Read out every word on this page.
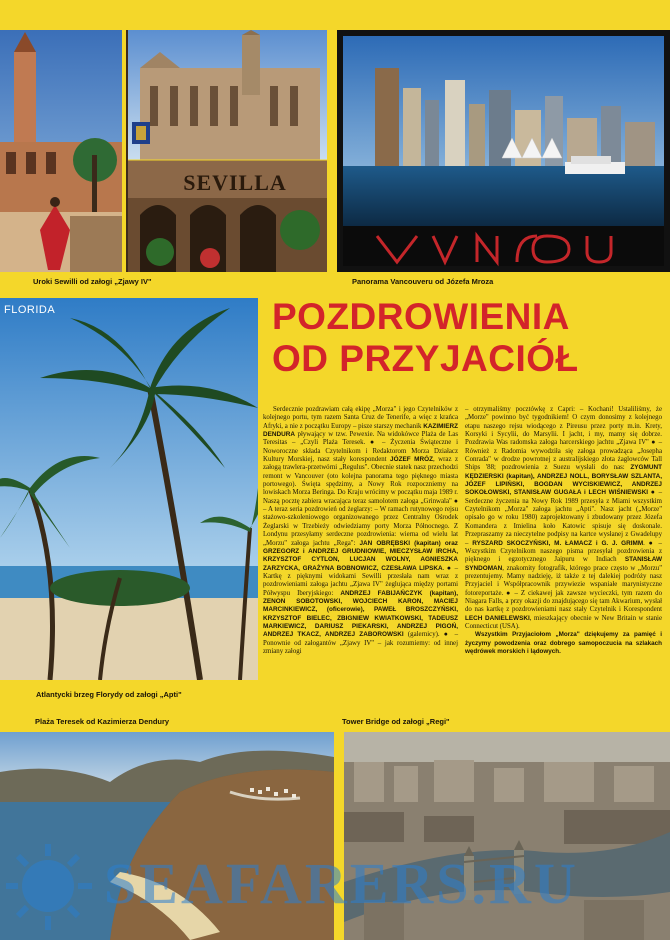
SEVILLA
Uroki Sewilli od załogi „Zjawy IV"	Panorama Vancouveru od Józefa Mroza
FLORIDA
Atlantycki brzeg Florydy od załogi „Apti"
POZDROWIENIA
OD PRZYJACIÓŁ

Serdecznie pozdrawiam całą ekipę „Morza" i jego Czytelników z kolejnego portu, tym razem Santa Cruz de Tenerife, a więc z krańca Afryki, a nie z początku Europy – pisze starszy mechanik KAZIMIERZ DENDURA pływający w tzw. Pewexie. Na widokówce Plaża de Las Teresitas – „Czyli Plaża Teresek. ● – Życzenia Świąteczne i Noworoczne składa Czytelnikom i Redaktorom Morza Działacz Kultury Morskiej, nasz stały korespondent JÓZEF MRÓZ, wraz z załogą trawlera-przetwórni „Regulus". Obecnie statek nasz przechodzi remont w Vancouver (oto kolejna panorama tego pięknego miasta portowego). Święta spędzimy, a Nowy Rok rozpoczniemy na lowiskach Morza Beringa. Do Kraju wrócimy w początku maja 1989 r. Naszą pocztę zabiera wracająca teraz samolotem załoga „Grinwala" ● – A teraz seria pozdrowień od żeglarzy: – W ramach rutynowego rejsu stażowo-szkoleniowego organizowanego przez Centralny Ośrodek Żeglarski w Trzebieży odwiedziamy porty Morza Północnego. Z Londynu przesyłamy serdeczne pozdrowienia: wierna od wielu lat „Morzu" załoga jachtu „Rega": JAN OBRĘBSKI (kapitan) oraz GRZEGORZ i ANDRZEJ GRUDNIOWIE, MIECZYSŁAW IRCHA, KRZYSZTOF CYTLON, LUCJAN WOLNY, AGNIESZKA ZARZYCKA, GRAŻYNA BOBNOWICZ, CZESŁAWA LIPSKA. ● – Kartkę z pięknymi widokami Sewilli przesłała nam wraz z pozdrowieniami załoga jachtu „Zjawa IV" żeglująca między portami Półwyspu Iberyjskiego: ANDRZEJ FABIJAŃCZYK (kapitan), ZENON SOBOTOWSKI, WOJCIECH KARON, MACIEJ MARCINKIEWICZ, (oficerowie), PAWEŁ BROSZCZYŃSKI, KRZYSZTOF BIELEC, ZBIGNIEW KWIATKOWSKI, TADEUSZ MARKIEWICZ, DARIUSZ PIEKARSKI, ANDRZEJ PIGOŃ, ANDRZEJ TKACZ, ANDRZEJ ZABOROWSKI (galernicy). ● – Ponownie od załogantów „Zjawy IV" – jak rozumiemy: od innej zmiany załogi

– otrzymaliśmy pocztówkę z Capri: – Kochani! Ustaliliśmy, że „Morze" powinno być tygodnikiem! O czym donosimy z kolejnego etapu naszego rejsu wiodącego z Pireusu przez porty m.in. Krety, Korsyki i Sycylii, do Marsylii. I jacht, i my, mamy się dobrze. Pozdrawia Was radomska załoga harcerskiego jachtu „Zjawa IV" ● – Również z Radomia wywodziła się załoga prowadząca „Josepha Conrada" w drodze powrotnej z australijskiego złota żaglowców Tall Ships '88; pozdrowienia z Suezu wysłali do nas: ZYGMUNT KĘDZIERSKI (kapitan), ANDRZEJ NOLL, BORYSŁAW SZLANTA, JÓZEF LIPIŃSKI, BOGDAN WYCISKIEWICZ, ANDRZEJ SOKOŁOWSKI, STANISŁAW GUGAŁA i LECH WIŚNIEWSKI ● – Serdeczne życzenia na Nowy Rok 1989 przesyła z Miami wszystkim Czytelnikom „Morza" załoga jachtu „Apti". Nasz jacht („Morze" opisało go w roku 1980) zaprojektowany i zbudowany przez Józefa Komandera z Imielina koło Katowic spisuje się doskonale. Przepraszamy za nieczytelne podpisy na kartce wysłanej z Gwadelupy – RYSZARD SKOCZYŃSKI, M. ŁAMACZ i G. J. GRIMM. ● – Wszystkim Czytelnikom naszego pisma przesyłał pozdrowienia z pięknego i egzotycznego Jaipuru w Indiach STANISŁAW SYNDOMAN, znakomity fotografik, którego prace często w „Morzu" prezentujemy. Mamy nadzieję, iż także z tej dalekiej podróży nasz Przyjaciel i Współpracownik przywiezie wspaniałe marynistyczne fotoreportaże. ● – Z ciekawej jak zawsze wycieczki, tym razem do Niagara Falls, a przy okazji do znajdującego się tam Akwarium, wysłał do nas kartkę z pozdrowieniami nasz stały Czytelnik i Korespondent LECH DANIELEWSKI, mieszkający obecnie w New Britain w stanie Connecticut (USA).

Wszystkim Przyjaciołom „Morza" dziękujemy za pamięć i życzymy powodzenia oraz dobrego samopoczucia na szlakach wędrówek morskich i lądowych.

Plaża Teresek od Kazimierza Dendury	Tower Bridge od załogi „Regi"
SEAFARERS.RU
